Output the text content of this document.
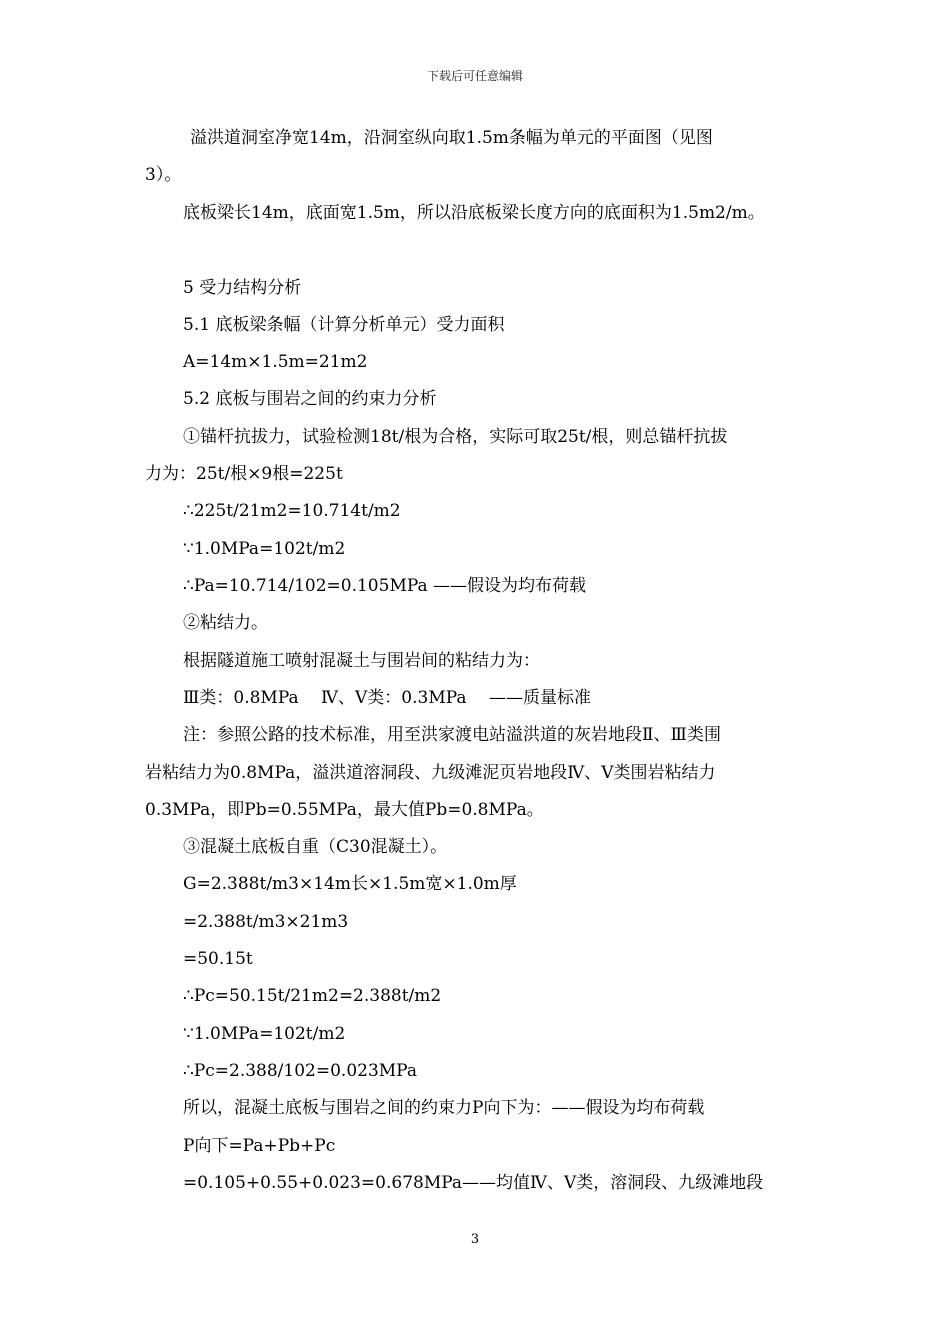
下载后可任意编辑
溢洪道洞室净宽14m，沿洞室纵向取1.5m条幅为单元的平面图（见图
3）。
底板梁长14m，底面宽1.5m，所以沿底板梁长度方向的底面积为1.5m2/m。
5 受力结构分析
5.1 底板梁条幅（计算分析单元）受力面积
A=14m×1.5m=21m2
5.2 底板与围岩之间的约束力分析
①锚杆抗拔力，试验检测18t/根为合格，实际可取25t/根，则总锚杆抗拔
力为：25t/根×9根=225t
∴225t/21m2=10.714t/m2
∵1.0MPa=102t/m2
∴Pa=10.714/102=0.105MPa ——假设为均布荷载
②粘结力。
根据隧道施工喷射混凝土与围岩间的粘结力为：
Ⅲ类：0.8MPa　 Ⅳ、Ⅴ类：0.3MPa 　——质量标准
注：参照公路的技术标准，用至洪家渡电站溢洪道的灰岩地段Ⅱ、Ⅲ类围
岩粘结力为0.8MPa，溢洪道溶洞段、九级滩泥页岩地段Ⅳ、Ⅴ类围岩粘结力
0.3MPa，即Pb=0.55MPa，最大值Pb=0.8MPa。
③混凝土底板自重（C30混凝土）。
G=2.388t/m3×14m长×1.5m宽×1.0m厚
=2.388t/m3×21m3
=50.15t
∴Pc=50.15t/21m2=2.388t/m2
∵1.0MPa=102t/m2
∴Pc=2.388/102=0.023MPa
所以，混凝土底板与围岩之间的约束力P向下为：——假设为均布荷载
P向下=Pa+Pb+Pc
=0.105+0.55+0.023=0.678MPa——均值Ⅳ、Ⅴ类，溶洞段、九级滩地段
3
